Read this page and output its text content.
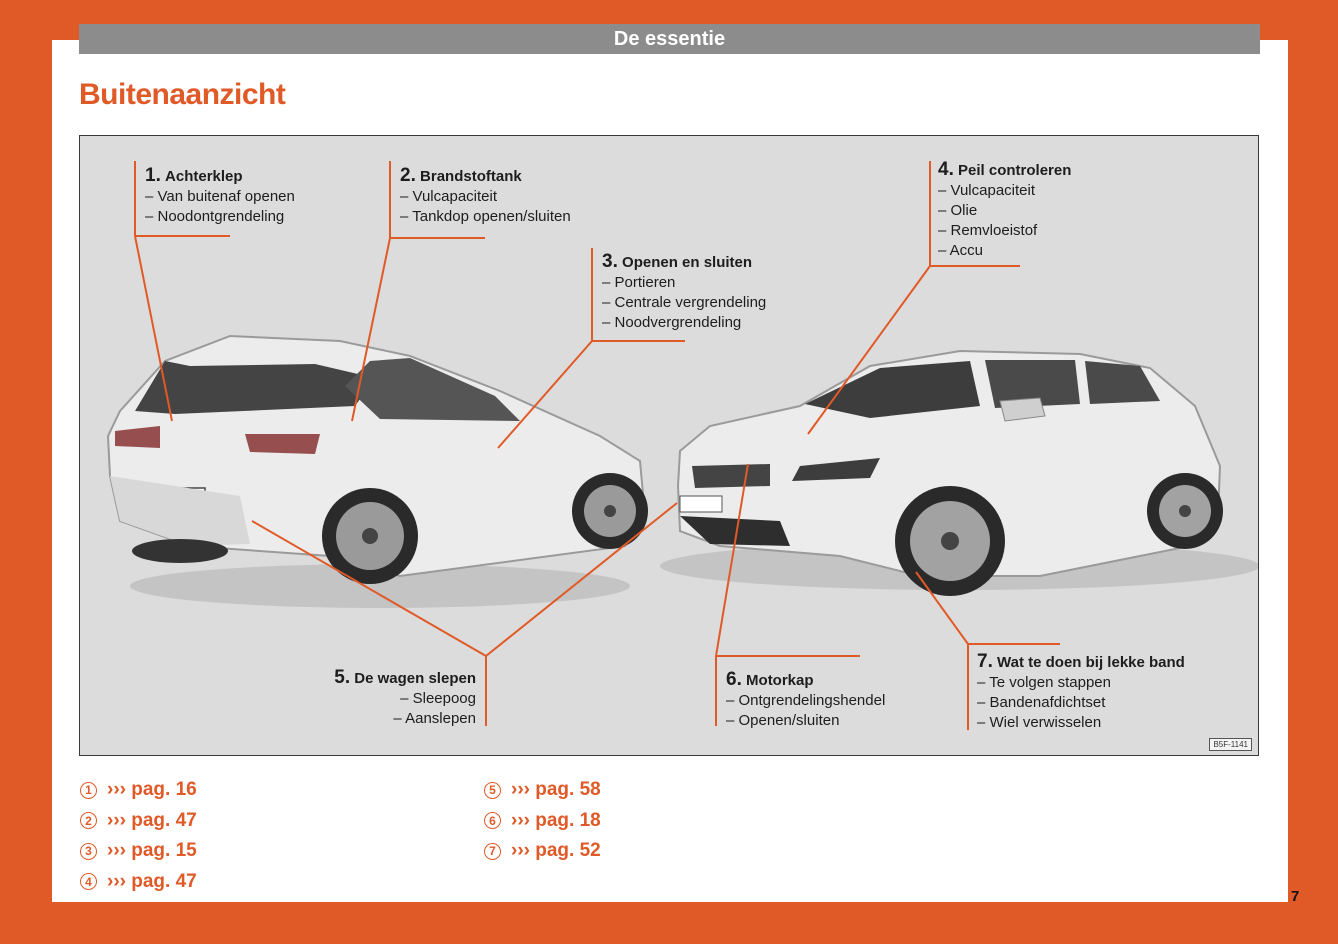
De essentie
Buitenaanzicht
1. Achterklep
– Van buitenaf openen
– Noodontgrendeling
2. Brandstoftank
– Vulcapaciteit
– Tankdop openen/sluiten
3. Openen en sluiten
– Portieren
– Centrale vergrendeling
– Noodvergrendeling
4. Peil controleren
– Vulcapaciteit
– Olie
– Remvloeistof
– Accu
5. De wagen slepen
– Sleepoog
– Aanslepen
6. Motorkap
– Ontgrendelingshendel
– Openen/sluiten
7. Wat te doen bij lekke band
– Te volgen stappen
– Bandenafdichtset
– Wiel verwisselen
B5F-1141
1 ››› pag. 16
2 ››› pag. 47
3 ››› pag. 15
4 ››› pag. 47
5 ››› pag. 58
6 ››› pag. 18
7 ››› pag. 52
7
